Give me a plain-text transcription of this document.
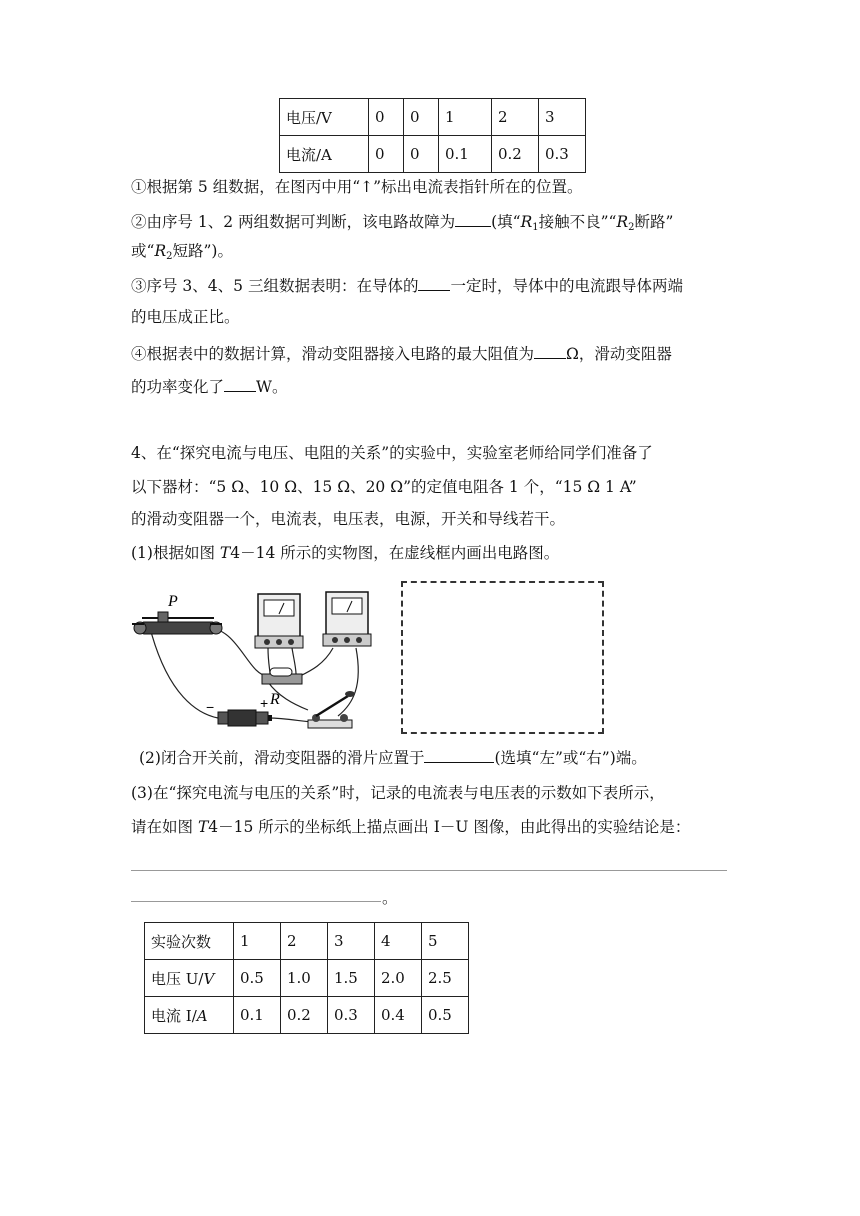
电压/V	0	0	1	2	3
电流/A	0	0	0.1	0.2	0.3
①根据第 5 组数据，在图丙中用“↑”标出电流表指针所在的位置。
②由序号 1、2 两组数据可判断，该电路故障为 (填“$R_1$接触不良$”“R_2$断路”
或“$R_2$短路”)。
③序号 3、4、5 三组数据表明：在导体的 一定时，导体中的电流跟导体两端
的电压成正比。
④根据表中的数据计算，滑动变阻器接入电路的最大阻值为 Ω，滑动变阻器
的功率变化了 W。
4、在“探究电流与电压、电阻的关系”的实验中，实验室老师给同学们准备了
以下器材：“5 Ω、10 Ω、15 Ω、20 Ω”的定值电阻各 1 个，“15 Ω 1 A”
的滑动变阻器一个，电流表，电压表，电源，开关和导线若干。
(1)根据如图 T4－14 所示的实物图，在虚线框内画出电路图。
P
R
−	+
(2)闭合开关前，滑动变阻器的滑片应置于	(选填“左”或“右”)端。
(3)在“探究电流与电压的关系”时，记录的电流表与电压表的示数如下表所示，
请在如图 T4－15 所示的坐标纸上描点画出 I－U 图像，由此得出的实验结论是：
。
实验次数	1	2	3	4	5
电压 U/V	0.5	1.0	1.5	2.0	2.5
电流 I/A	0.1	0.2	0.3	0.4	0.5
